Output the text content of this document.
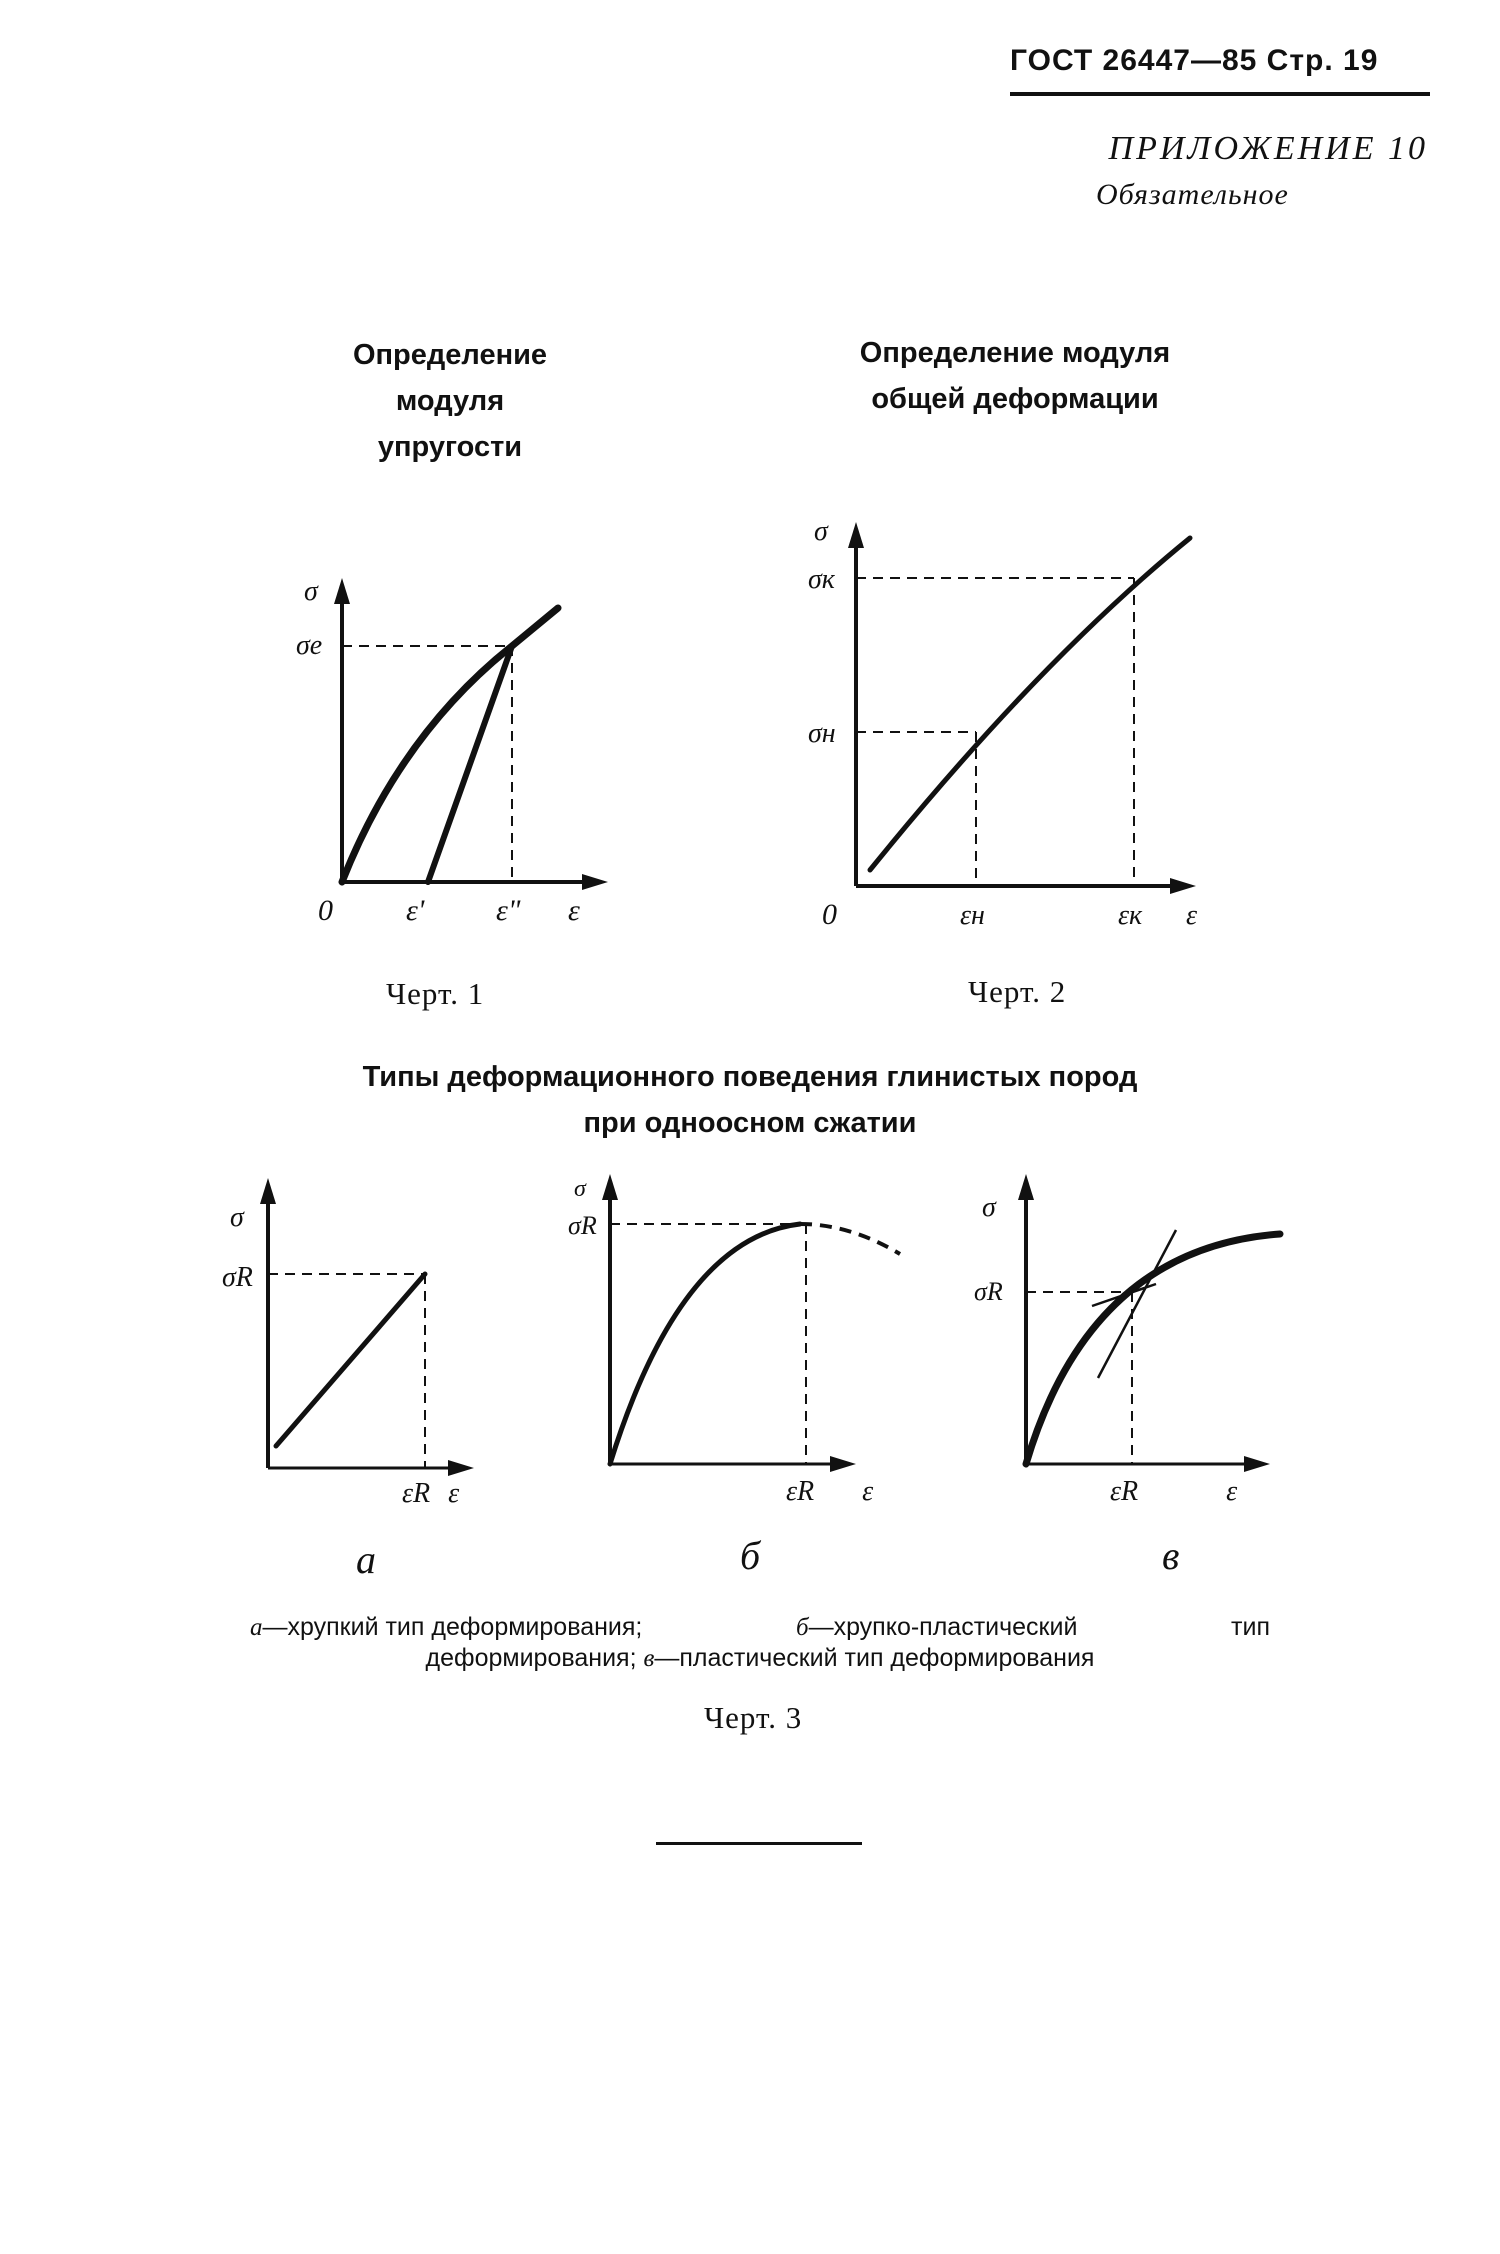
ГОСТ 26447—85 Стр. 19
ПРИЛОЖЕНИЕ 10
Обязательное
Определение
модуля
упругости
σ
σe
0 ε' ε" ε
Черт. 1
Определение модуля
общей деформации
σ
σк
σн
0	εн	εк ε
Черт. 2
Типы деформационного поведения глинистых пород
при одноосном сжатии
σ
σR
εR ε
а
σ
σR
εR ε
б
σ
σR
εR	ε
в
а—хрупкий тип деформирования;	б—хрупко-пластический	тип
деформирования; в—пластический тип деформирования
Черт. 3
